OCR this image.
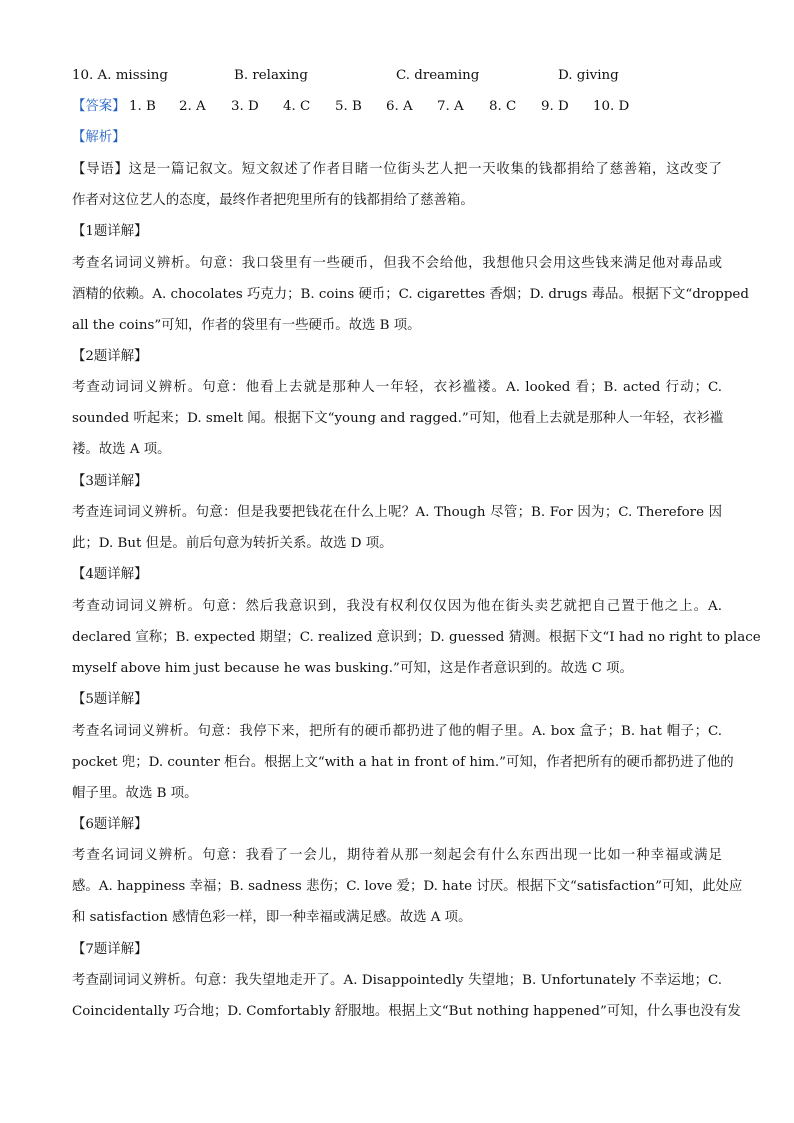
10. A. missing	B. relaxing	C. dreaming	D. giving
【答案】 1. B 2. A 3. D 4. C 5. B 6. A 7. A 8. C 9. D 10. D
【解析】
【导语】这是一篇记叙文。短文叙述了作者目睹一位街头艺人把一天收集的钱都捐给了慈善箱，这改变了
作者对这位艺人的态度，最终作者把兜里所有的钱都捐给了慈善箱。
【1题详解】
考查名词词义辨析。句意：我口袋里有一些硬币，但我不会给他，我想他只会用这些钱来满足他对毒品或
酒精的依赖。A. chocolates 巧克力；B. coins 硬币；C. cigarettes 香烟；D. drugs 毒品。根据下文“dropped
all the coins”可知，作者的袋里有一些硬币。故选 B 项。
【2题详解】
考查动词词义辨析。句意：他看上去就是那种人一年轻，衣衫褴褛。A. looked 看；B. acted 行动；C.
sounded 听起来；D. smelt 闻。根据下文“young and ragged.”可知，他看上去就是那种人一年轻，衣衫褴
褛。故选 A 项。
【3题详解】
考查连词词义辨析。句意：但是我要把钱花在什么上呢？A. Though 尽管；B. For 因为；C. Therefore 因
此；D. But 但是。前后句意为转折关系。故选 D 项。
【4题详解】
考查动词词义辨析。句意：然后我意识到，我没有权利仅仅因为他在街头卖艺就把自己置于他之上。A.
declared 宣称；B. expected 期望；C. realized 意识到；D. guessed 猜测。根据下文“I had no right to place
myself above him just because he was busking.”可知，这是作者意识到的。故选 C 项。
【5题详解】
考查名词词义辨析。句意：我停下来，把所有的硬币都扔进了他的帽子里。A. box 盒子；B. hat 帽子；C.
pocket 兜；D. counter 柜台。根据上文“with a hat in front of him.”可知，作者把所有的硬币都扔进了他的
帽子里。故选 B 项。
【6题详解】
考查名词词义辨析。句意：我看了一会儿，期待着从那一刻起会有什么东西出现一比如一种幸福或满足
感。A. happiness 幸福；B. sadness 悲伤；C. love 爱；D. hate 讨厌。根据下文“satisfaction”可知，此处应
和 satisfaction 感情色彩一样，即一种幸福或满足感。故选 A 项。
【7题详解】
考查副词词义辨析。句意：我失望地走开了。A. Disappointedly 失望地；B. Unfortunately 不幸运地；C.
Coincidentally 巧合地；D. Comfortably 舒服地。根据上文“But nothing happened”可知，什么事也没有发
